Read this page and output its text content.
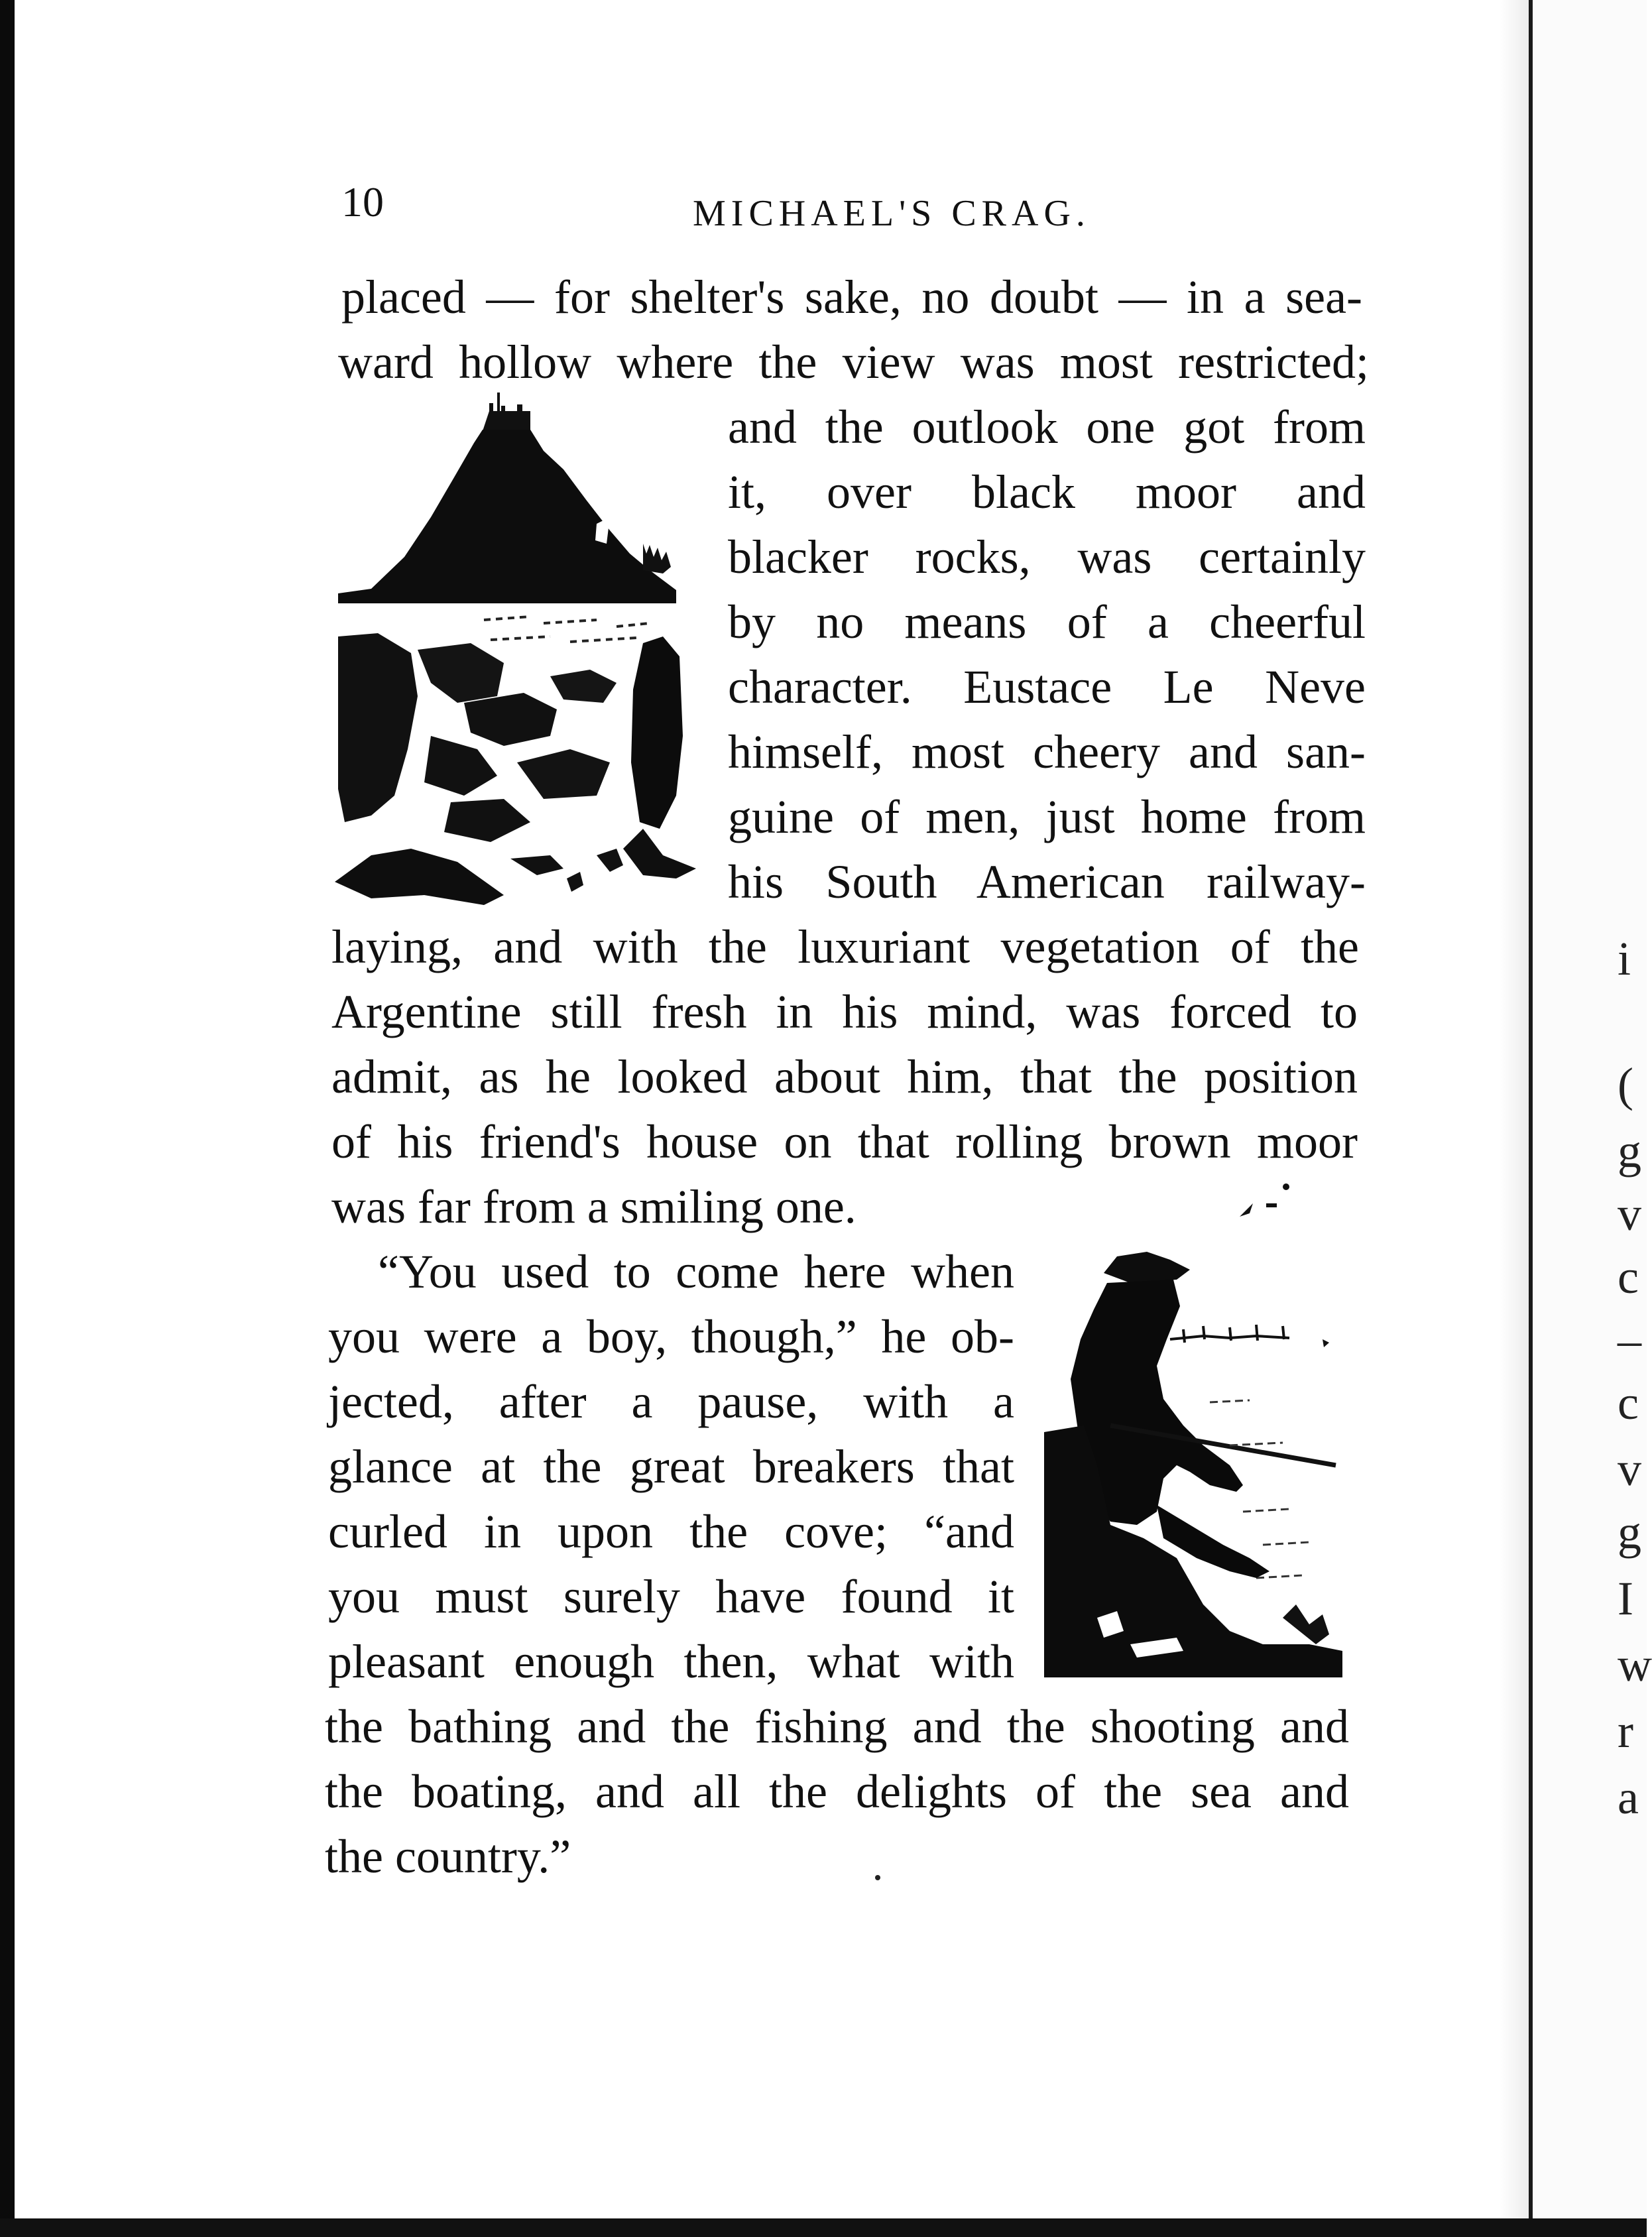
i
(
g
v
c
–
c
v
g
I
w
r
a
10	MICHAEL'S CRAG.
placed — for shelter's sake, no doubt — in a sea-
ward hollow where the view was most restricted;
and the outlook one got from
it, over black moor and
blacker rocks, was certainly
by no means of a cheerful
character. Eustace Le Neve
himself, most cheery and san-
guine of men, just home from
his South American railway-
laying, and with the luxuriant vegetation of the
Argentine still fresh in his mind, was forced to
admit, as he looked about him, that the position
of his friend's house on that rolling brown moor
was far from a smiling one.
“You used to come here when
you were a boy, though,” he ob-
jected, after a pause, with a
glance at the great breakers that
curled in upon the cove; “and
you must surely have found it
pleasant enough then, what with
the bathing and the fishing and the shooting and
the boating, and all the delights of the sea and
the country.”
